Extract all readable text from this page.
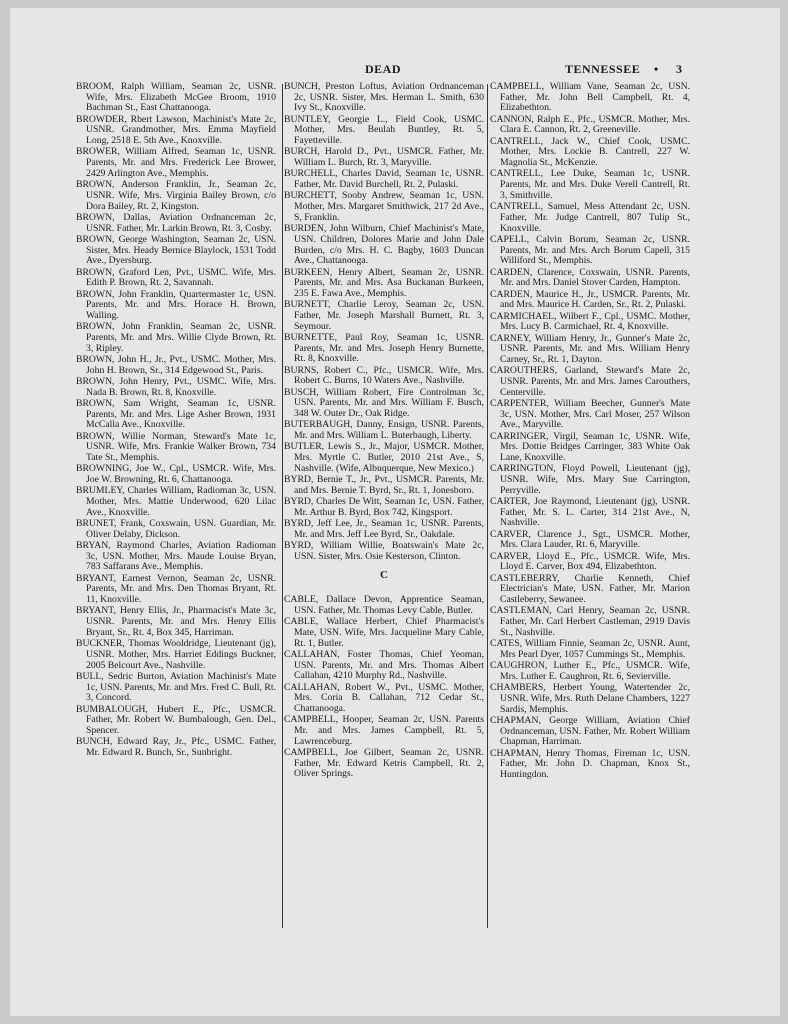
DEAD	TENNESSEE • 3

BROOM, Ralph William, Seaman 2c, USNR. Wife, Mrs. Elizabeth McGee Broom, 1910 Bachman St., East Chattanooga.

BROWDER, Rbert Lawson, Machinist's Mate 2c, USNR. Grandmother, Mrs. Emma Mayfield Long, 2518 E. 5th Ave., Knoxville.

BROWER, William Alfred, Seaman 1c, USNR. Parents, Mr. and Mrs. Frederick Lee Brower, 2429 Arlington Ave., Memphis.

BROWN, Anderson Franklin, Jr., Seaman 2c, USNR. Wife, Mrs. Virginia Bailey Brown, c/o Dora Bailey, Rt. 2, Kingston.

BROWN, Dallas, Aviation Ordnanceman 2c, USNR. Father, Mr. Larkin Brown, Rt. 3, Cosby.

BROWN, George Washington, Seaman 2c, USN. Sister, Mrs. Heady Bernice Blaylock, 1531 Todd Ave., Dyersburg.

BROWN, Graford Len, Pvt., USMC. Wife, Mrs. Edith P. Brown, Rt. 2, Savannah.

BROWN, John Franklin, Quartermaster 1c, USN. Parents, Mr. and Mrs. Horace H. Brown, Walling.

BROWN, John Franklin, Seaman 2c, USNR. Parents, Mr. and Mrs. Willie Clyde Brown, Rt. 3, Ripley.

BROWN, John H., Jr., Pvt., USMC. Mother, Mrs. John H. Brown, Sr., 314 Edgewood St., Paris.

BROWN, John Henry, Pvt., USMC. Wife, Mrs. Nada B. Brown, Rt. 8, Knoxville.

BROWN, Sam Wright, Seaman 1c, USNR. Parents, Mr. and Mrs. Lige Asher Brown, 1931 McCalla Ave., Knoxville.

BROWN, Willie Norman, Steward's Mate 1c, USNR. Wife, Mrs. Frankie Walker Brown, 734 Tate St., Memphis.

BROWNING, Joe W., Cpl., USMCR. Wife, Mrs. Joe W. Browning, Rt. 6, Chattanooga.

BRUMLEY, Charles William, Radioman 3c, USN. Mother, Mrs. Mattie Underwood, 620 Lilac Ave., Knoxville.

BRUNET, Frank, Coxswain, USN. Guardian, Mr. Oliver Delaby, Dickson.

BRYAN, Raymond Charles, Aviation Radioman 3c, USN. Mother, Mrs. Maude Louise Bryan, 783 Saffarans Ave., Memphis.

BRYANT, Earnest Vernon, Seaman 2c, USNR. Parents, Mr. and Mrs. Den Thomas Bryant, Rt. 11, Knoxville.

BRYANT, Henry Ellis, Jr., Pharmacist's Mate 3c, USNR. Parents, Mr. and Mrs. Henry Ellis Bryant, Sr., Rt. 4, Box 345, Harriman.

BUCKNER, Thomas Wooldridge, Lieutenant (jg), USNR. Mother, Mrs. Harriet Eddings Buckner, 2005 Belcourt Ave., Nashville.

BULL, Sedric Burton, Aviation Machinist's Mate 1c, USN. Parents, Mr. and Mrs. Fred C. Bull, Rt. 3, Concord.

BUMBALOUGH, Hubert E., Pfc., USMCR. Father, Mr. Robert W. Bumbalough, Gen. Del., Spencer.

BUNCH, Edward Ray, Jr., Pfc., USMC. Father, Mr. Edward R. Bunch, Sr., Sunbright.

BUNCH, Preston Loftus, Aviation Ordnanceman 2c, USNR. Sister, Mrs. Herman L. Smith, 630 Ivy St., Knoxville.

BUNTLEY, Georgie L., Field Cook, USMC. Mother, Mrs. Beulah Buntley, Rt. 5, Fayetteville.

BURCH, Harold D., Pvt., USMCR. Father, Mr. William L. Burch, Rt. 3, Maryville.

BURCHELL, Charles David, Seaman 1c, USNR. Father, Mr. David Burchell, Rt. 2, Pulaski.

BURCHETT, Sooby Andrew, Seaman 1c, USN. Mother, Mrs. Margaret Smithwick, 217 2d Ave., S, Franklin.

BURDEN, John Wilburn, Chief Machinist's Mate, USN. Children, Dolores Marie and John Dale Burden, c/o Mrs. H. C. Bagby, 1603 Duncan Ave., Chattanooga.

BURKEEN, Henry Albert, Seaman 2c, USNR. Parents, Mr. and Mrs. Asa Buckanan Burkeen, 235 E. Fawa Ave., Memphis.

BURNETT, Charlie Leroy, Seaman 2c, USN. Father, Mr. Joseph Marshall Burnett, Rt. 3, Seymour.

BURNETTE, Paul Roy, Seaman 1c, USNR. Parents, Mr. and Mrs. Joseph Henry Burnette, Rt. 8, Knoxville.

BURNS, Robert C., Pfc., USMCR. Wife, Mrs. Robert C. Burns, 10 Waters Ave., Nashville.

BUSCH, William Robert, Fire Controlman 3c, USN. Parents, Mr. and Mrs. William F. Busch, 348 W. Outer Dr., Oak Ridge.

BUTERBAUGH, Danny, Ensign, USNR. Parents, Mr. and Mrs. William L. Buterbaugh, Liberty.

BUTLER, Lewis S., Jr., Major, USMCR. Mother, Mrs. Myrtle C. Butler, 2010 21st Ave., S, Nashville. (Wife, Albuquerque, New Mexico.)

BYRD, Bernie T., Jr., Pvt., USMCR. Parents, Mr. and Mrs. Bernie T. Byrd, Sr., Rt. 1, Jonesboro.

BYRD, Charles De Witt, Seaman 1c, USN. Father, Mr. Arthur B. Byrd, Box 742, Kingsport.

BYRD, Jeff Lee, Jr., Seaman 1c, USNR. Parents, Mr. and Mrs. Jeff Lee Byrd, Sr., Oakdale.

BYRD, William Willie, Boatswain's Mate 2c, USN. Sister, Mrs. Osie Kesterson, Clinton.

C

CABLE, Dallace Devon, Apprentice Seaman, USN. Father, Mr. Thomas Levy Cable, Butler.

CABLE, Wallace Herbert, Chief Pharmacist's Mate, USN. Wife, Mrs. Jacqueline Mary Cable, Rt. 1, Butler.

CALLAHAN, Foster Thomas, Chief Yeoman, USN. Parents, Mr. and Mrs. Thomas Albert Callahan, 4210 Murphy Rd., Nashville.

CALLAHAN, Robert W., Pvt., USMC. Mother, Mrs. Coria B. Callahan, 712 Cedar St., Chattanooga.

CAMPBELL, Hooper, Seaman 2c, USN. Parents Mr. and Mrs. James Campbell, Rt. 5, Lawrenceburg.

CAMPBELL, Joe Gilbert, Seaman 2c, USNR. Father, Mr. Edward Ketris Campbell, Rt. 2, Oliver Springs.

CAMPBELL, William Vane, Seaman 2c, USN. Father, Mr. John Bell Campbell, Rt. 4, Elizabethton.

CANNON, Ralph E., Pfc., USMCR. Mother, Mrs. Clara E. Cannon, Rt. 2, Greeneville.

CANTRELL, Jack W., Chief Cook, USMC. Mother, Mrs. Lockie B. Cantrell, 227 W. Magnolia St., McKenzie.

CANTRELL, Lee Duke, Seaman 1c, USNR. Parents, Mr. and Mrs. Duke Verell Cantrell, Rt. 3, Smithville.

CANTRELL, Samuel, Mess Attendant 2c, USN. Father, Mr. Judge Cantrell, 807 Tulip St., Knoxville.

CAPELL, Calvin Borum, Seaman 2c, USNR. Parents, Mr. and Mrs. Arch Borum Capell, 315 Williford St., Memphis.

CARDEN, Clarence, Coxswain, USNR. Parents, Mr. and Mrs. Daniel Stover Carden, Hampton.

CARDEN, Maurice H., Jr., USMCR. Parents, Mr. and Mrs. Maurice H. Carden, Sr., Rt. 2, Pulaski.

CARMICHAEL, Wilbert F., Cpl., USMC. Mother, Mrs. Lucy B. Carmichael, Rt. 4, Knoxville.

CARNEY, William Henry, Jr., Gunner's Mate 2c, USNR. Parents, Mr. and Mrs. William Henry Carney, Sr., Rt. 1, Dayton.

CAROUTHERS, Garland, Steward's Mate 2c, USNR. Parents, Mr. and Mrs. James Carouthers, Centerville.

CARPENTER, William Beecher, Gunner's Mate 3c, USN. Mother, Mrs. Carl Moser, 257 Wilson Ave., Maryville.

CARRINGER, Virgil, Seaman 1c, USNR. Wife, Mrs. Dottie Bridges Carringer, 383 White Oak Lane, Knoxville.

CARRINGTON, Floyd Powell, Lieutenant (jg), USNR. Wife, Mrs. Mary Sue Carrington, Perryville.

CARTER, Joe Raymond, Lieutenant (jg), USNR. Father, Mr. S. L. Carter, 314 21st Ave., N, Nashville.

CARVER, Clarence J., Sgt., USMCR. Mother, Mrs. Clara Lauder, Rt. 6, Maryville.

CARVER, Lloyd E., Pfc., USMCR. Wife, Mrs. Lloyd E. Carver, Box 494, Elizabethton.

CASTLEBERRY, Charlie Kenneth, Chief Electrician's Mate, USN. Father, Mr. Marion Castleberry, Sewanee.

CASTLEMAN, Carl Henry, Seaman 2c, USNR. Father, Mr. Carl Herbert Castleman, 2919 Davis St., Nashville.

CATES, William Finnie, Seaman 2c, USNR. Aunt, Mrs Pearl Dyer, 1057 Cummings St., Memphis.

CAUGHRON, Luther E., Pfc., USMCR. Wife, Mrs. Luther E. Caughron, Rt. 6, Sevierville.

CHAMBERS, Herbert Young, Watertender 2c, USNR. Wife, Mrs. Ruth Delane Chambers, 1227 Sardis, Memphis.

CHAPMAN, George William, Aviation Chief Ordnanceman, USN. Father, Mr. Robert William Chapman, Harriman.

CHAPMAN, Henry Thomas, Fireman 1c, USN. Father, Mr. John D. Chapman, Knox St., Huntingdon.
